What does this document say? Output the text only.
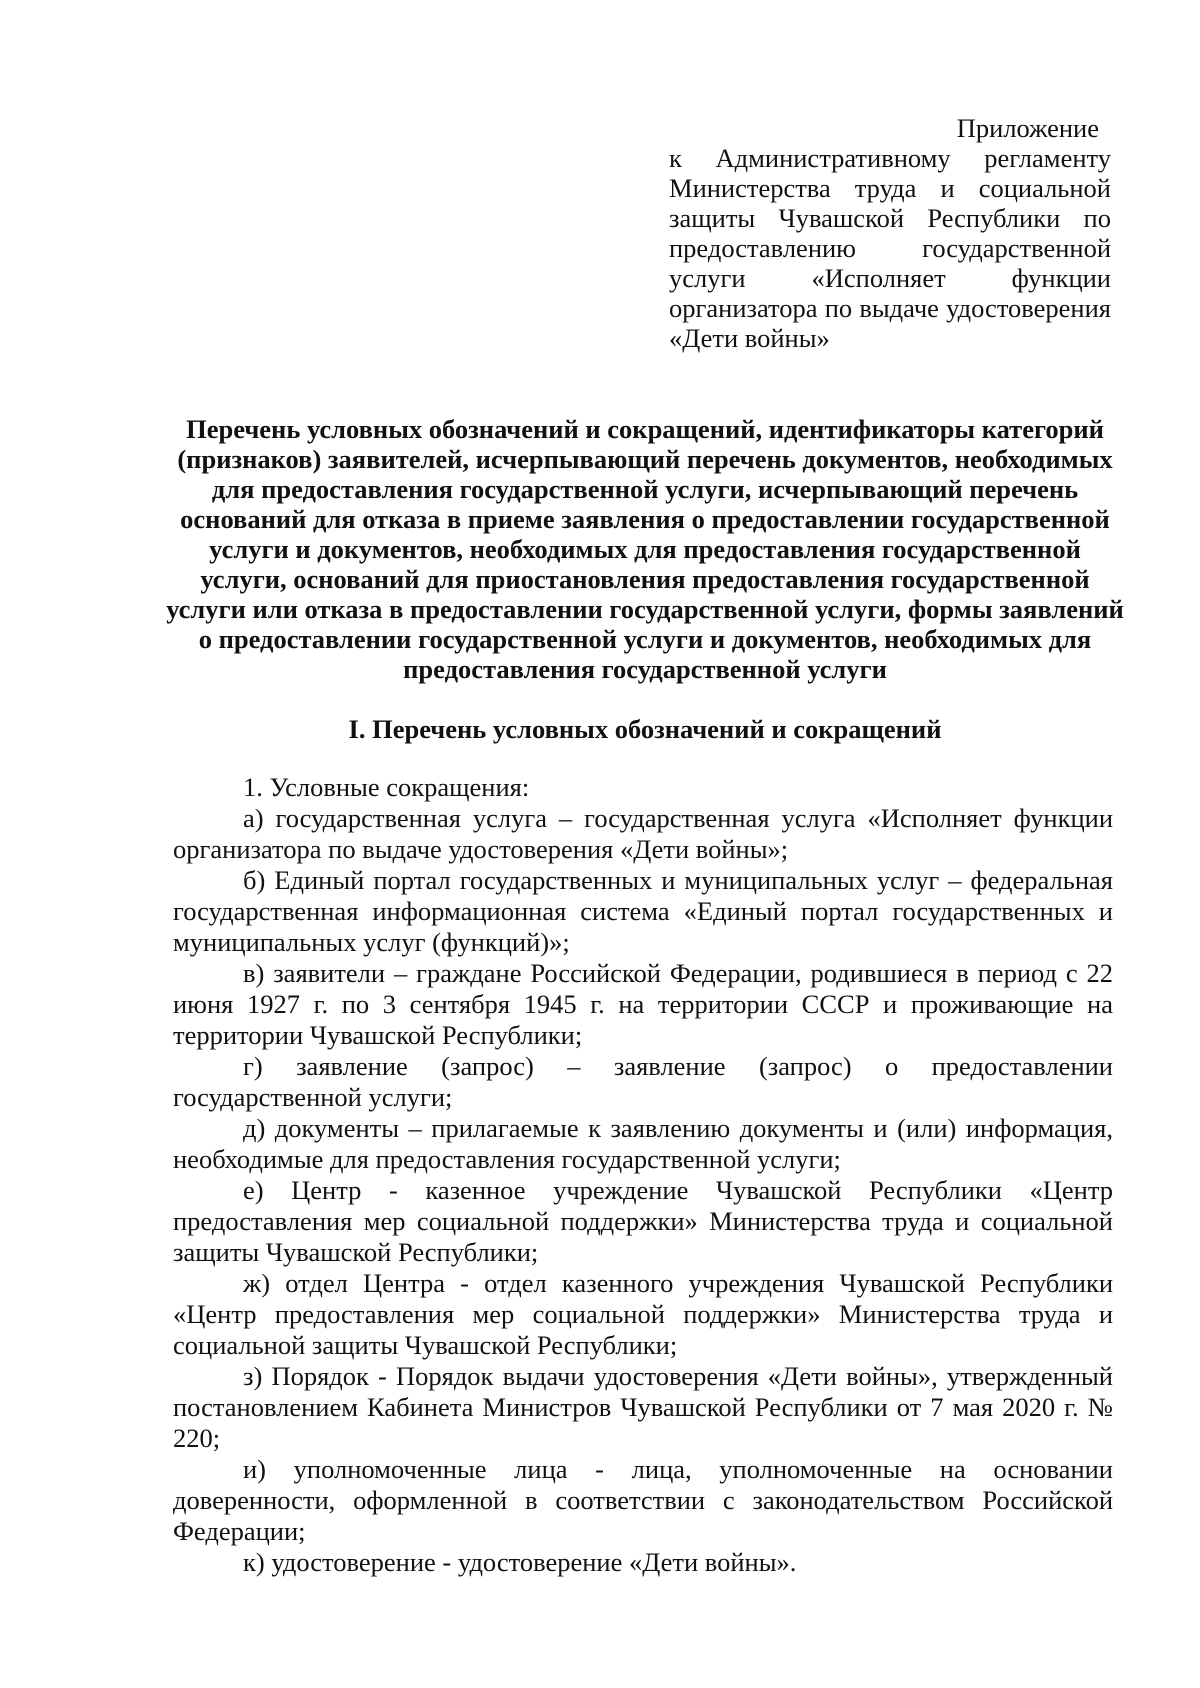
Приложение
к Административному регламенту Министерства труда и социальной защиты Чувашской Республики по предоставлению государственной услуги «Исполняет функции организатора по выдаче удостоверения «Дети войны»
Перечень условных обозначений и сокращений, идентификаторы категорий (признаков) заявителей, исчерпывающий перечень документов, необходимых для предоставления государственной услуги, исчерпывающий перечень оснований для отказа в приеме заявления о предоставлении государственной услуги и документов, необходимых для предоставления государственной услуги, оснований для приостановления предоставления государственной услуги или отказа в предоставлении государственной услуги, формы заявлений о предоставлении государственной услуги и документов, необходимых для предоставления государственной услуги
I. Перечень условных обозначений и сокращений

1. Условные сокращения:

а) государственная услуга – государственная услуга «Исполняет функции организатора по выдаче удостоверения «Дети войны»;

б) Единый портал государственных и муниципальных услуг – федеральная государственная информационная система «Единый портал государственных и муниципальных услуг (функций)»;

в) заявители – граждане Российской Федерации, родившиеся в период с 22 июня 1927 г. по 3 сентября 1945 г. на территории СССР и проживающие на территории Чувашской Республики;

г) заявление (запрос) – заявление (запрос) о предоставлении государственной услуги;

д) документы – прилагаемые к заявлению документы и (или) информация, необходимые для предоставления государственной услуги;

е) Центр - казенное учреждение Чувашской Республики «Центр предоставления мер социальной поддержки» Министерства труда и социальной защиты Чувашской Республики;

ж) отдел Центра - отдел казенного учреждения Чувашской Республики «Центр предоставления мер социальной поддержки» Министерства труда и социальной защиты Чувашской Республики;

з) Порядок - Порядок выдачи удостоверения «Дети войны», утвержденный постановлением Кабинета Министров Чувашской Республики от 7 мая 2020 г. № 220;

и) уполномоченные лица - лица, уполномоченные на основании доверенности, оформленной в соответствии с законодательством Российской Федерации;

к) удостоверение - удостоверение «Дети войны».
